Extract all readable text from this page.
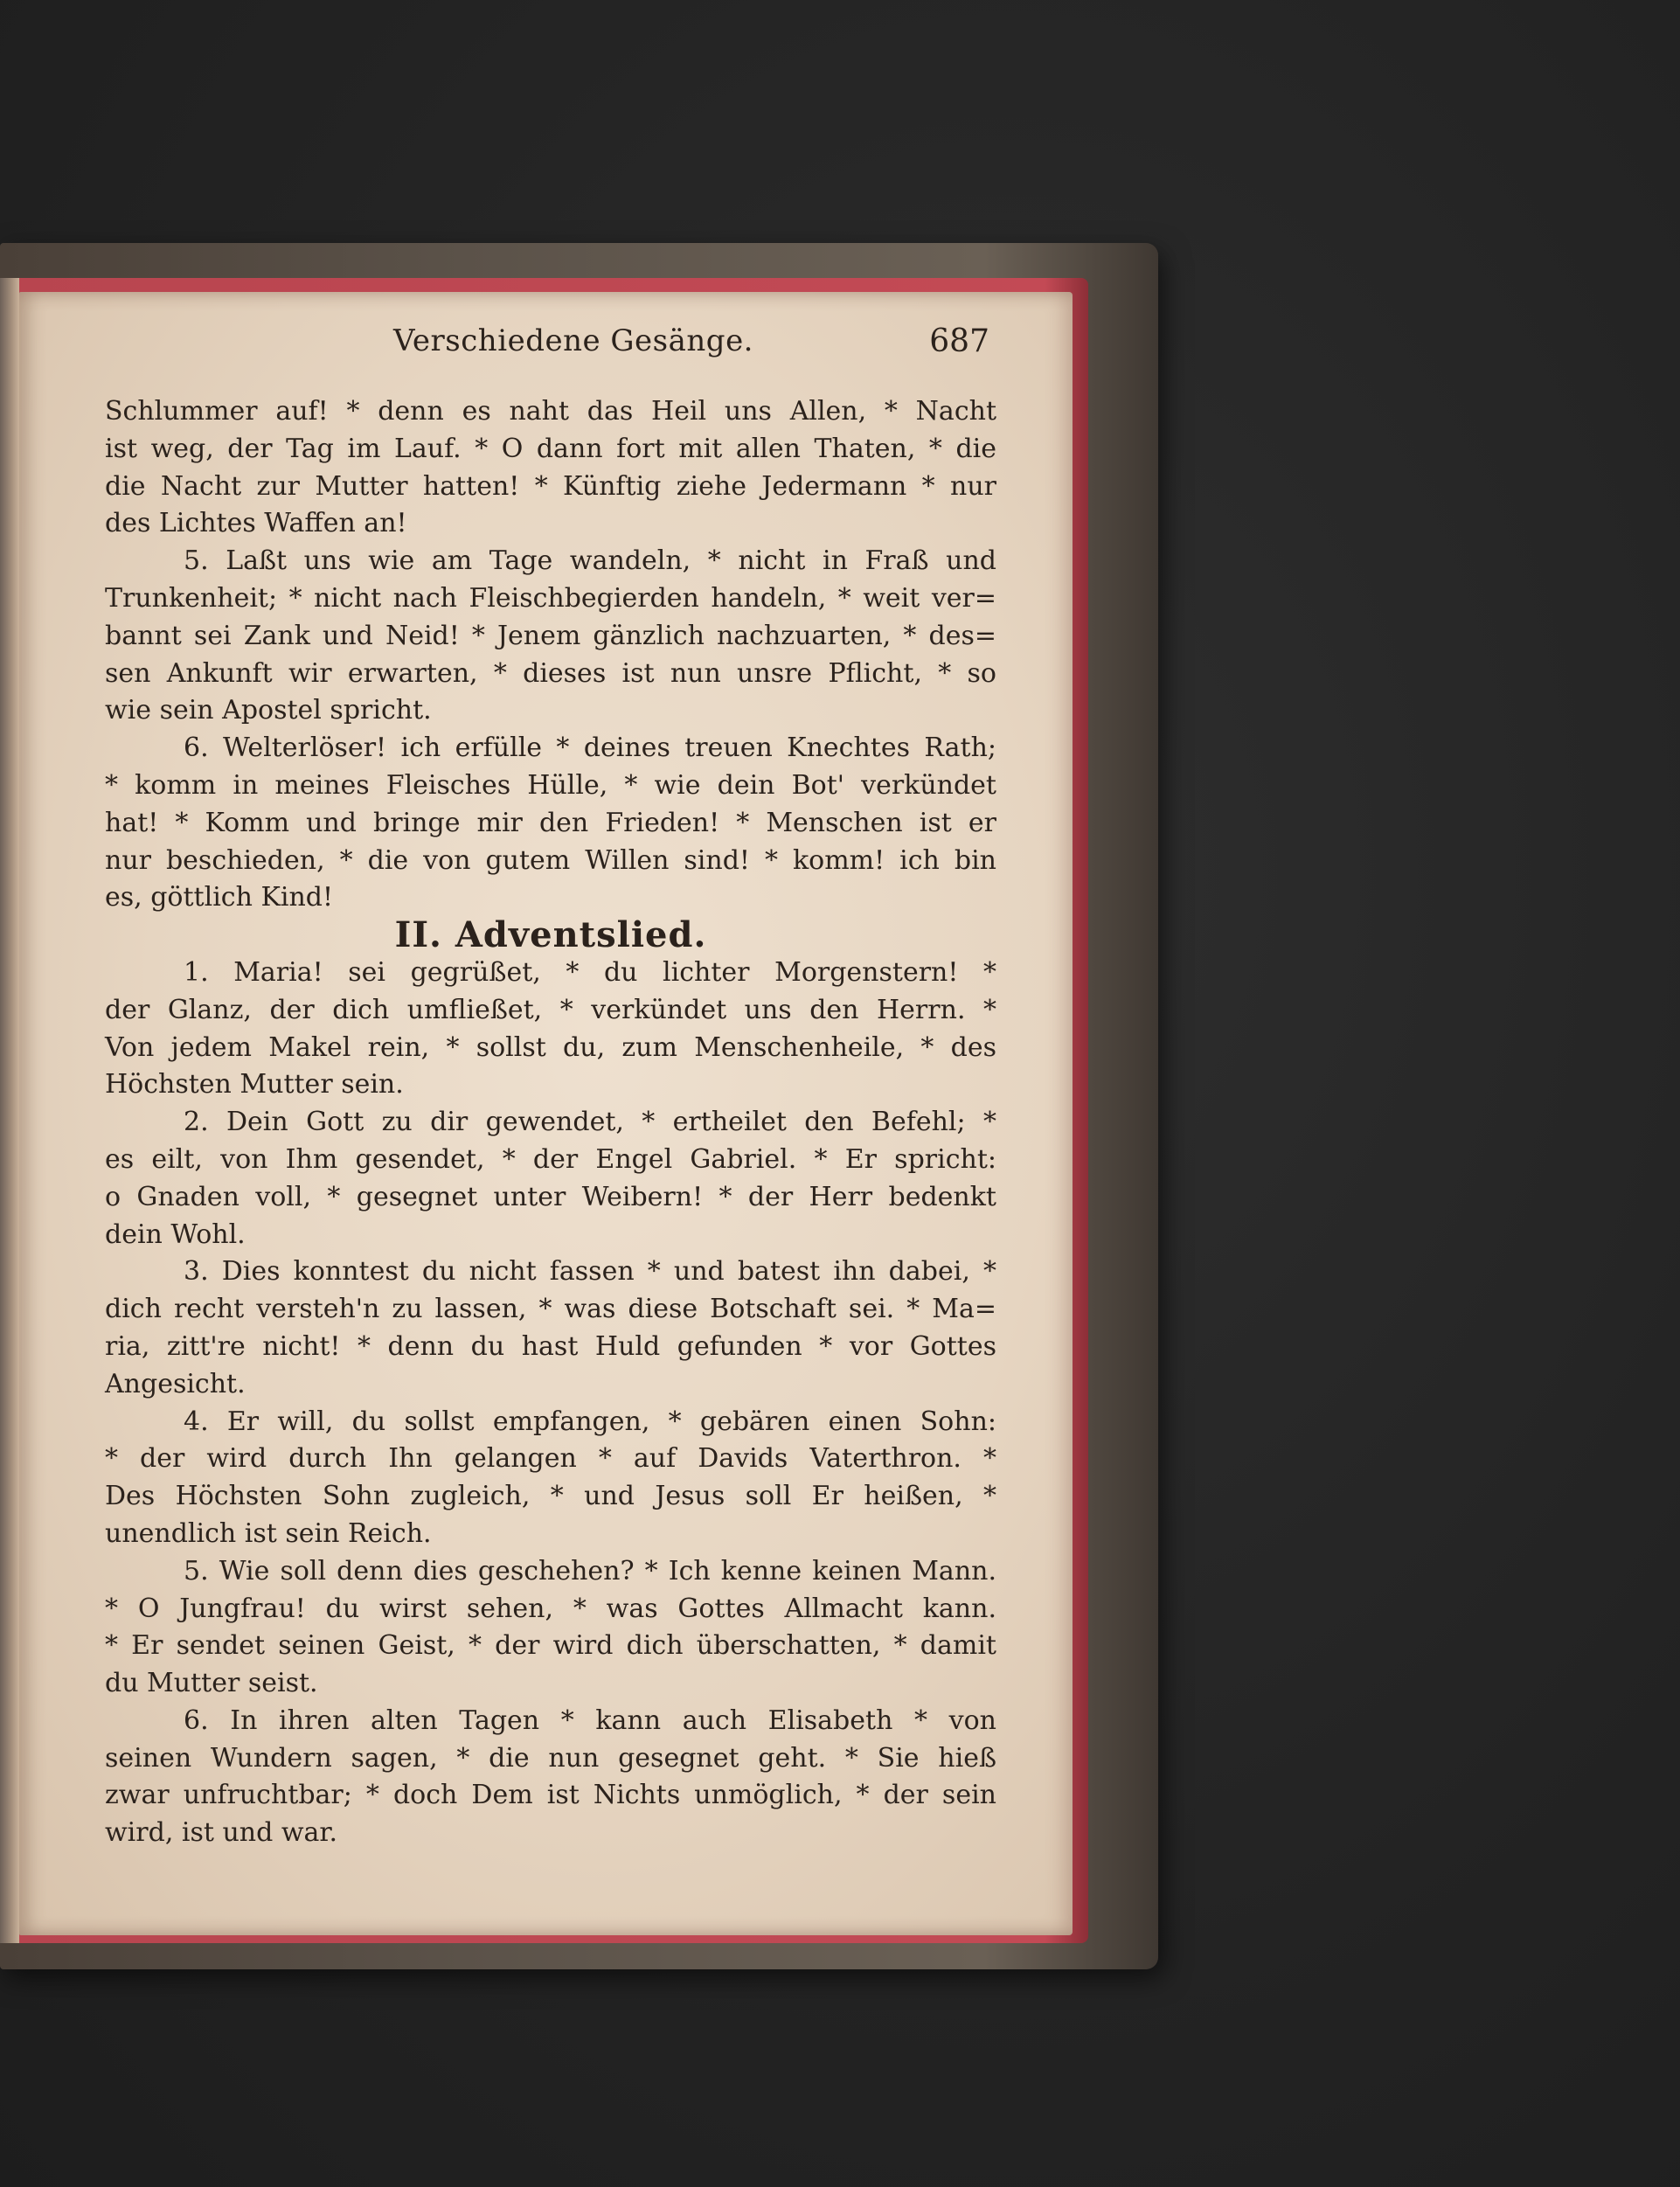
Verschiedene Gesänge.	687
Schlummer auf! * denn es naht das Heil uns Allen, * Nacht
ist weg, der Tag im Lauf. * O dann fort mit allen Thaten, * die
die Nacht zur Mutter hatten! * Künftig ziehe Jedermann * nur
des Lichtes Waffen an!
5. Laßt uns wie am Tage wandeln, * nicht in Fraß und
Trunkenheit; * nicht nach Fleischbegierden handeln, * weit ver=
bannt sei Zank und Neid! * Jenem gänzlich nachzuarten, * des=
sen Ankunft wir erwarten, * dieses ist nun unsre Pflicht, * so
wie sein Apostel spricht.
6. Welterlöser! ich erfülle * deines treuen Knechtes Rath;
* komm in meines Fleisches Hülle, * wie dein Bot' verkündet
hat! * Komm und bringe mir den Frieden! * Menschen ist er
nur beschieden, * die von gutem Willen sind! * komm! ich bin
es, göttlich Kind!
II. Adventslied.
1. Maria! sei gegrüßet, * du lichter Morgenstern! *
der Glanz, der dich umfließet, * verkündet uns den Herrn. *
Von jedem Makel rein, * sollst du, zum Menschenheile, * des
Höchsten Mutter sein.
2. Dein Gott zu dir gewendet, * ertheilet den Befehl; *
es eilt, von Ihm gesendet, * der Engel Gabriel. * Er spricht:
o Gnaden voll, * gesegnet unter Weibern! * der Herr bedenkt
dein Wohl.
3. Dies konntest du nicht fassen * und batest ihn dabei, *
dich recht versteh'n zu lassen, * was diese Botschaft sei. * Ma=
ria, zitt're nicht! * denn du hast Huld gefunden * vor Gottes
Angesicht.
4. Er will, du sollst empfangen, * gebären einen Sohn:
* der wird durch Ihn gelangen * auf Davids Vaterthron. *
Des Höchsten Sohn zugleich, * und Jesus soll Er heißen, *
unendlich ist sein Reich.
5. Wie soll denn dies geschehen? * Ich kenne keinen Mann.
* O Jungfrau! du wirst sehen, * was Gottes Allmacht kann.
* Er sendet seinen Geist, * der wird dich überschatten, * damit
du Mutter seist.
6. In ihren alten Tagen * kann auch Elisabeth * von
seinen Wundern sagen, * die nun gesegnet geht. * Sie hieß
zwar unfruchtbar; * doch Dem ist Nichts unmöglich, * der sein
wird, ist und war.
